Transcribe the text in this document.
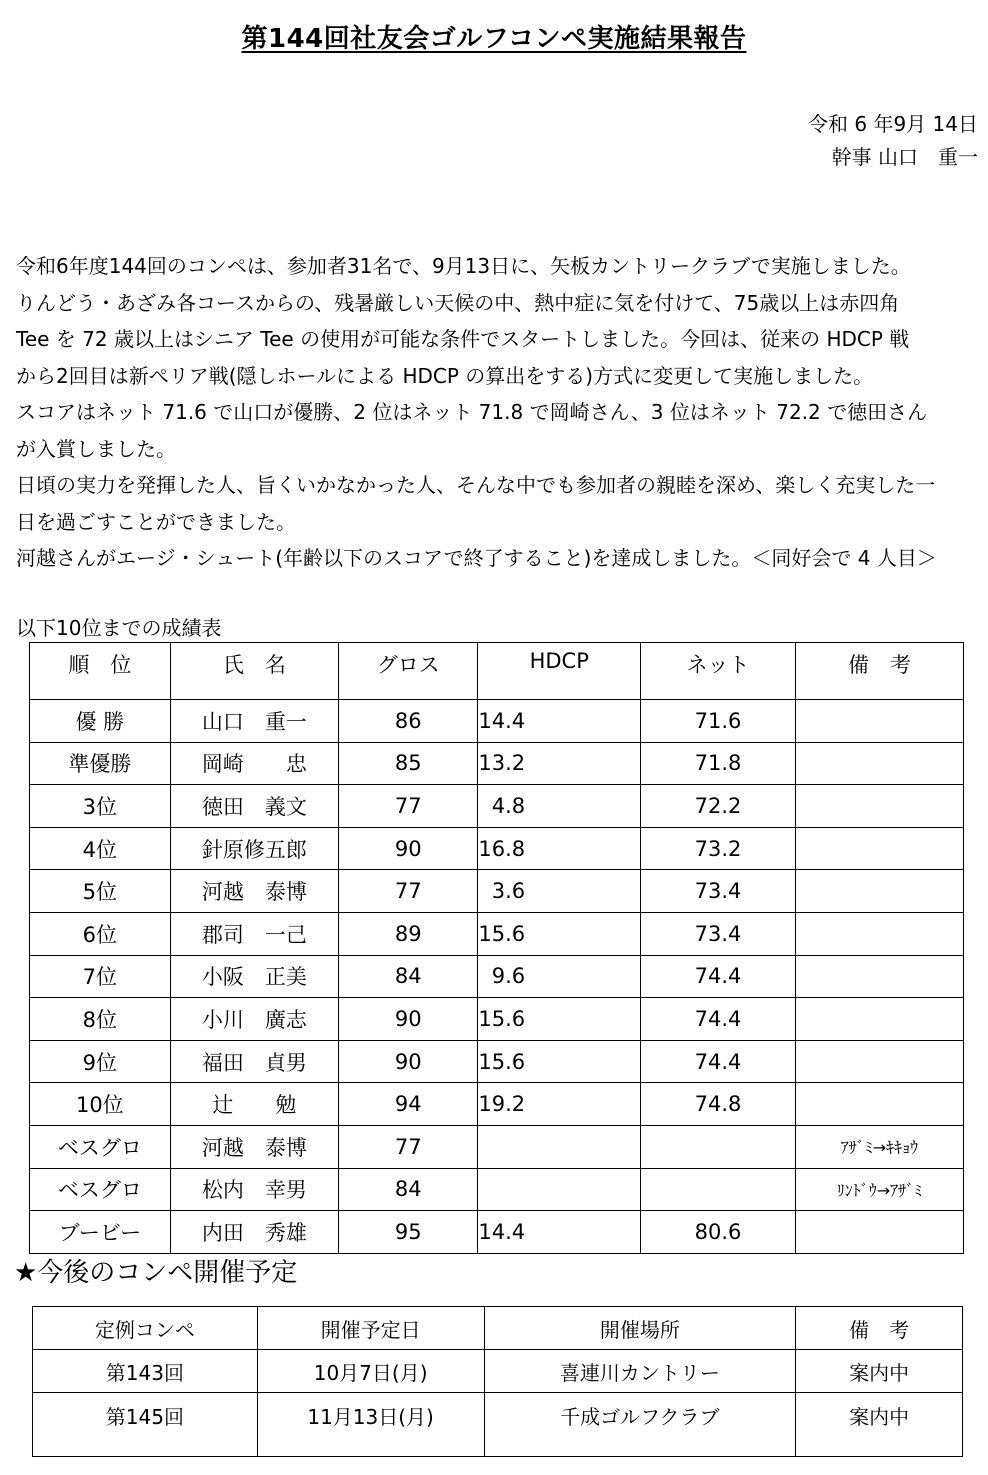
第144回社友会ゴルフコンペ実施結果報告
令和 6 年9月 14日
幹事 山口　重一

令和6年度144回のコンペは、参加者31名で、9月13日に、矢板カントリークラブで実施しました。

りんどう・あざみ各コースからの、残暑厳しい天候の中、熱中症に気を付けて、75歳以上は赤四角

Tee を 72 歳以上はシニア Tee の使用が可能な条件でスタートしました。今回は、従来の HDCP 戦

から2回目は新ぺリア戦(隠しホールによる HDCP の算出をする)方式に変更して実施しました。

スコアはネット 71.6 で山口が優勝、2 位はネット 71.8 で岡崎さん、3 位はネット 72.2 で徳田さん

が入賞しました。

日頃の実力を発揮した人、旨くいかなかった人、そんな中でも参加者の親睦を深め、楽しく充実した一

日を過ごすことができました。

河越さんがエージ・シュート(年齢以下のスコアで終了すること)を達成しました。＜同好会で 4 人目＞

以下10位までの成績表
順　位	氏　名	グロス	HDCP	ネット	備　考
優 勝	山口　重一	86	14.4	71.6	
準優勝	岡崎　　忠	85	13.2	71.8	
3位	徳田　義文	77	4.8	72.2	
4位	針原修五郎	90	16.8	73.2	
5位	河越　泰博	77	3.6	73.4	
6位	郡司　一己	89	15.6	73.4	
7位	小阪　正美	84	9.6	74.4	
8位	小川　廣志	90	15.6	74.4	
9位	福田　貞男	90	15.6	74.4	
10位	辻　　勉	94	19.2	74.8	
ベスグロ	河越　泰博	77			ｱｻﾞﾐ→ｷｷｮｳ
ベスグロ	松内　幸男	84			ﾘﾝﾄﾞｳ→ｱｻﾞﾐ
ブービー	内田　秀雄	95	14.4	80.6	
★今後のコンペ開催予定
定例コンペ	開催予定日	開催場所	備　考
第143回	10月7日(月)	喜連川カントリー	案内中
第145回	11月13日(月)	千成ゴルフクラブ	案内中
